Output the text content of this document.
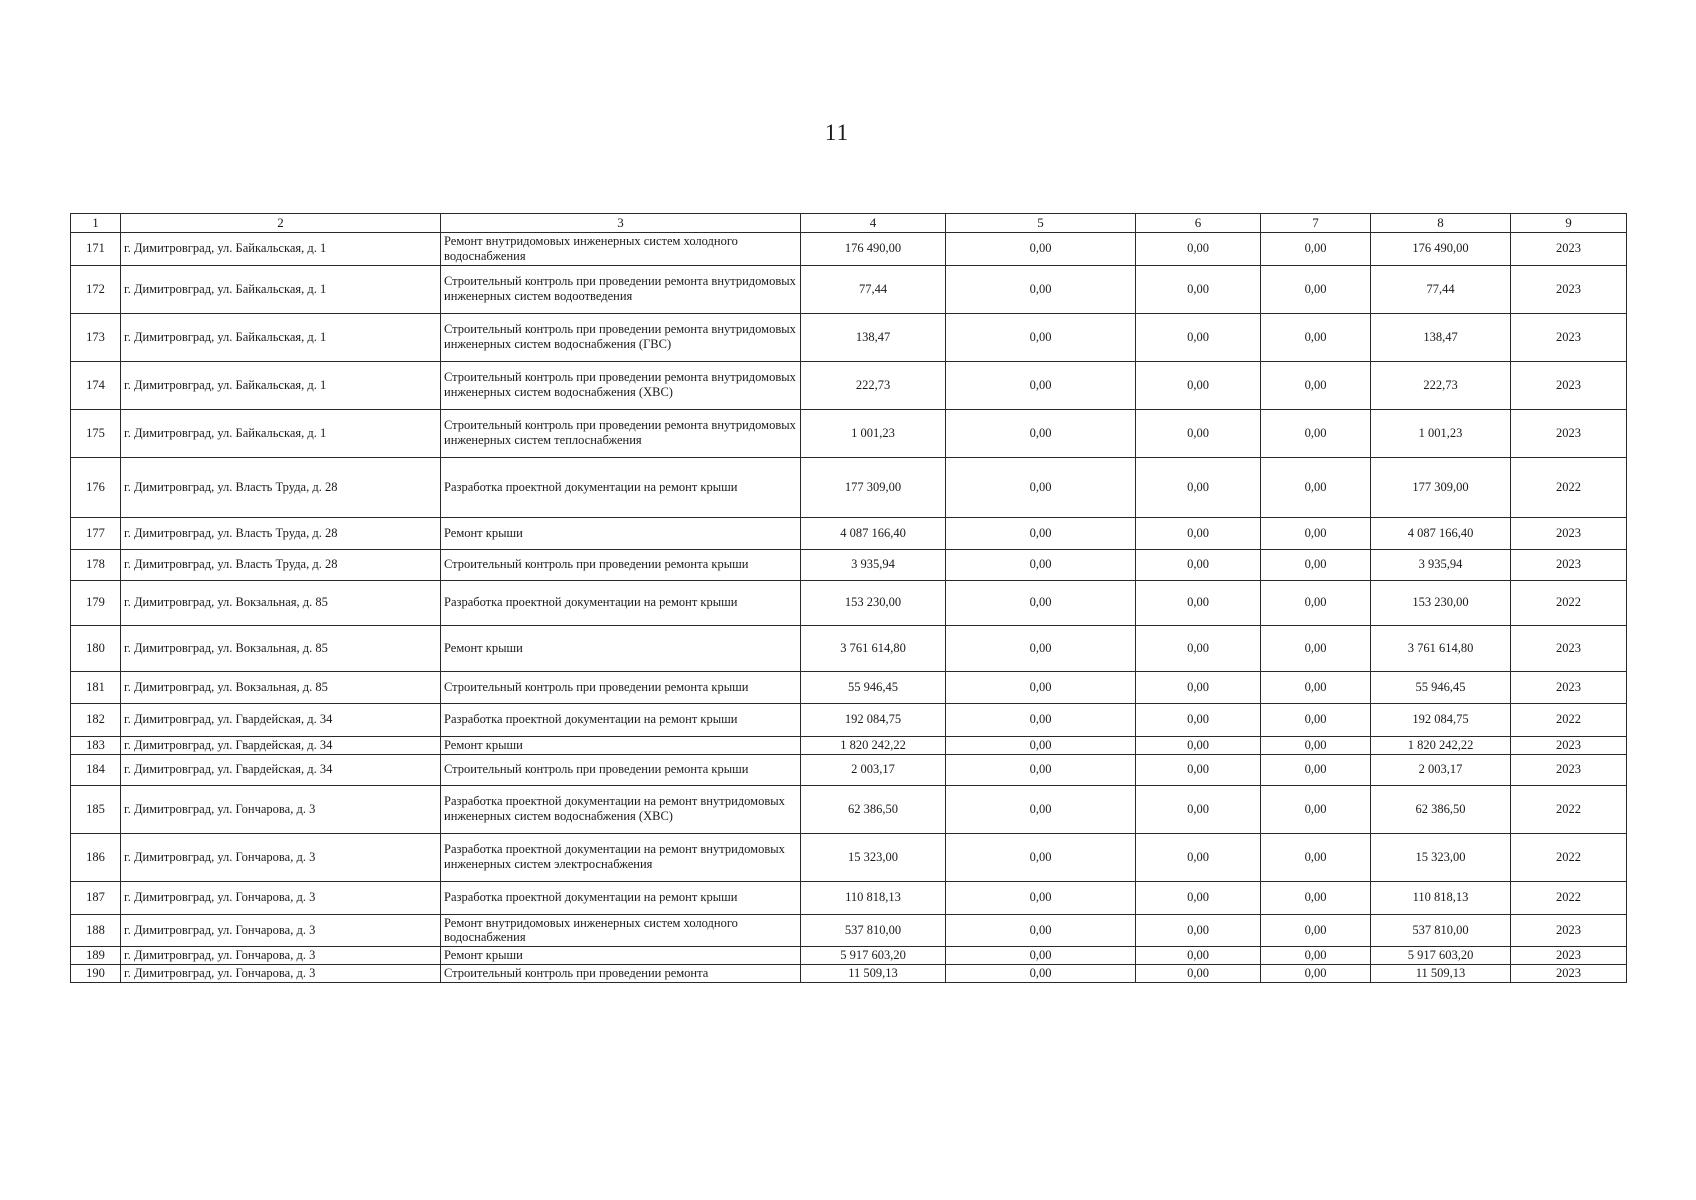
11
1	2	3	4	5	6	7	8	9
171	г. Димитровград, ул. Байкальская, д. 1	Ремонт внутридомовых инженерных систем холодного водоснабжения	176 490,00	0,00	0,00	0,00	176 490,00	2023
172	г. Димитровград, ул. Байкальская, д. 1	Строительный контроль при проведении ремонта внутридомовых инженерных систем водоотведения	77,44	0,00	0,00	0,00	77,44	2023
173	г. Димитровград, ул. Байкальская, д. 1	Строительный контроль при проведении ремонта внутридомовых инженерных систем водоснабжения (ГВС)	138,47	0,00	0,00	0,00	138,47	2023
174	г. Димитровград, ул. Байкальская, д. 1	Строительный контроль при проведении ремонта внутридомовых инженерных систем водоснабжения (ХВС)	222,73	0,00	0,00	0,00	222,73	2023
175	г. Димитровград, ул. Байкальская, д. 1	Строительный контроль при проведении ремонта внутридомовых инженерных систем теплоснабжения	1 001,23	0,00	0,00	0,00	1 001,23	2023
176	г. Димитровград, ул. Власть Труда, д. 28	Разработка проектной документации на ремонт крыши	177 309,00	0,00	0,00	0,00	177 309,00	2022
177	г. Димитровград, ул. Власть Труда, д. 28	Ремонт крыши	4 087 166,40	0,00	0,00	0,00	4 087 166,40	2023
178	г. Димитровград, ул. Власть Труда, д. 28	Строительный контроль при проведении ремонта крыши	3 935,94	0,00	0,00	0,00	3 935,94	2023
179	г. Димитровград, ул. Вокзальная, д. 85	Разработка проектной документации на ремонт крыши	153 230,00	0,00	0,00	0,00	153 230,00	2022
180	г. Димитровград, ул. Вокзальная, д. 85	Ремонт крыши	3 761 614,80	0,00	0,00	0,00	3 761 614,80	2023
181	г. Димитровград, ул. Вокзальная, д. 85	Строительный контроль при проведении ремонта крыши	55 946,45	0,00	0,00	0,00	55 946,45	2023
182	г. Димитровград, ул. Гвардейская, д. 34	Разработка проектной документации на ремонт крыши	192 084,75	0,00	0,00	0,00	192 084,75	2022
183	г. Димитровград, ул. Гвардейская, д. 34	Ремонт крыши	1 820 242,22	0,00	0,00	0,00	1 820 242,22	2023
184	г. Димитровград, ул. Гвардейская, д. 34	Строительный контроль при проведении ремонта крыши	2 003,17	0,00	0,00	0,00	2 003,17	2023
185	г. Димитровград, ул. Гончарова, д. 3	Разработка проектной документации на ремонт внутридомовых инженерных систем водоснабжения (ХВС)	62 386,50	0,00	0,00	0,00	62 386,50	2022
186	г. Димитровград, ул. Гончарова, д. 3	Разработка проектной документации на ремонт внутридомовых инженерных систем электроснабжения	15 323,00	0,00	0,00	0,00	15 323,00	2022
187	г. Димитровград, ул. Гончарова, д. 3	Разработка проектной документации на ремонт крыши	110 818,13	0,00	0,00	0,00	110 818,13	2022
188	г. Димитровград, ул. Гончарова, д. 3	Ремонт внутридомовых инженерных систем холодного водоснабжения	537 810,00	0,00	0,00	0,00	537 810,00	2023
189	г. Димитровград, ул. Гончарова, д. 3	Ремонт крыши	5 917 603,20	0,00	0,00	0,00	5 917 603,20	2023
190	г. Димитровград, ул. Гончарова, д. 3	Строительный контроль при проведении ремонта	11 509,13	0,00	0,00	0,00	11 509,13	2023
